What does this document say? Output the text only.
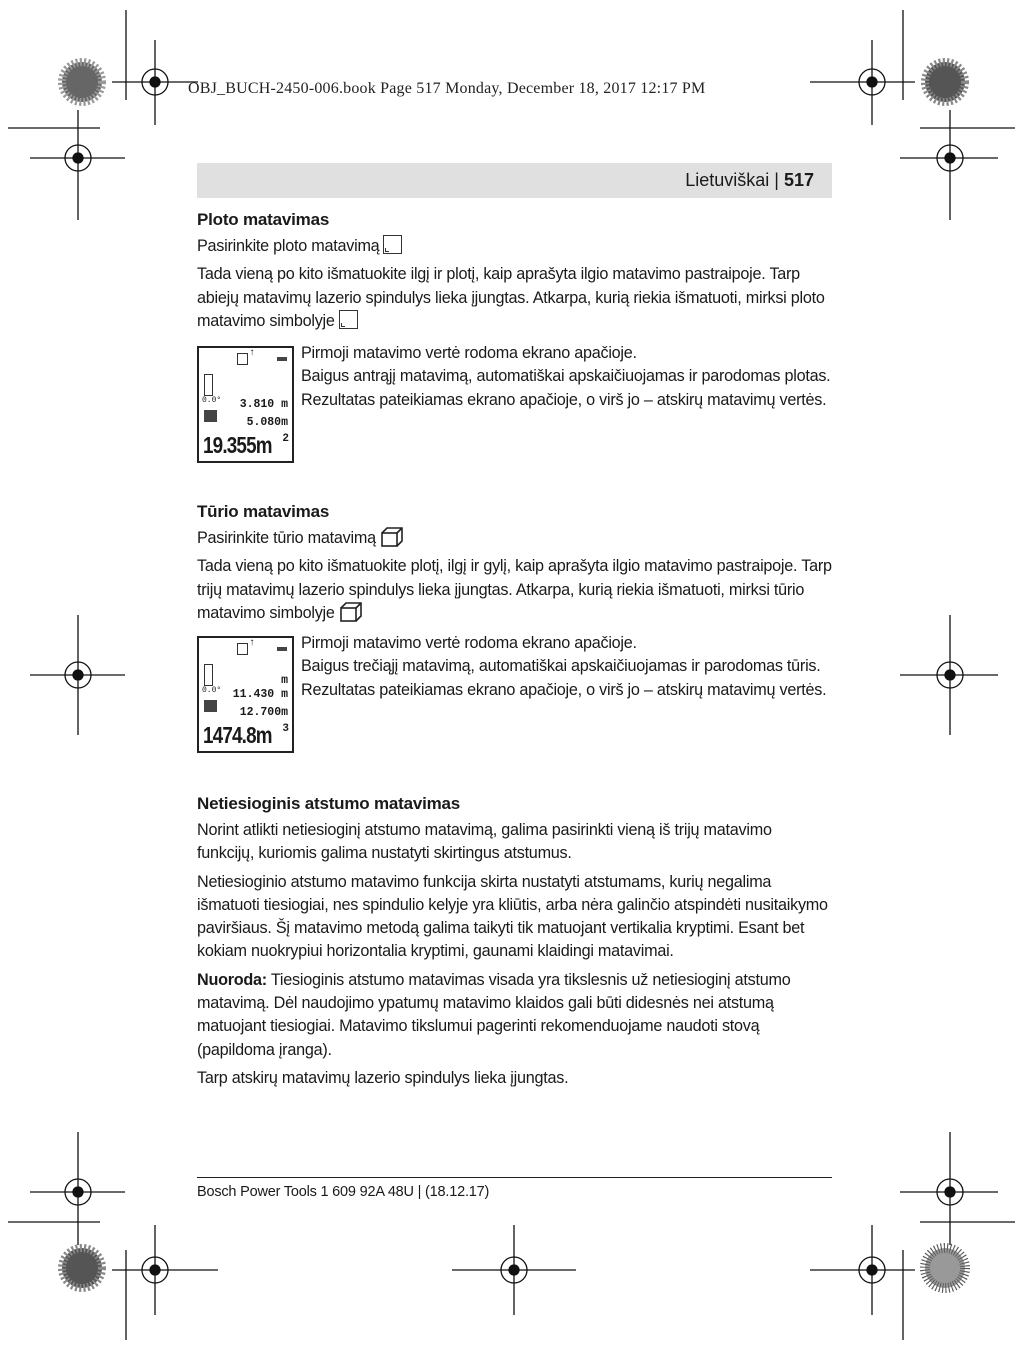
OBJ_BUCH-2450-006.book Page 517 Monday, December 18, 2017 12:17 PM
Lietuviškai | 517
Ploto matavimas

Pasirinkite ploto matavimą

Tada vieną po kito išmatuokite ilgį ir plotį, kaip aprašyta ilgio matavimo pastraipoje. Tarp abiejų matavimų lazerio spindulys lieka įjungtas. Atkarpa, kurią riekia išmatuoti, mirksi ploto matavimo simbolyje

↑
0.0° 3.810 m
5.080m
19.355m 2

Pirmoji matavimo vertė rodoma ekrano apačioje.

Baigus antrąjį matavimą, automatiškai apskaičiuojamas ir parodomas plotas. Rezultatas pateikiamas ekrano apačioje, o virš jo – atskirų matavimų vertės.

Tūrio matavimas

Pasirinkite tūrio matavimą

Tada vieną po kito išmatuokite plotį, ilgį ir gylį, kaip aprašyta ilgio matavimo pastraipoje. Tarp trijų matavimų lazerio spindulys lieka įjungtas. Atkarpa, kurią riekia išmatuoti, mirksi tūrio matavimo simbolyje

↑
m
0.0° 11.430 m
12.700m
1474.8m 3

Pirmoji matavimo vertė rodoma ekrano apačioje.

Baigus trečiąjį matavimą, automatiškai apskaičiuojamas ir parodomas tūris. Rezultatas pateikiamas ekrano apačioje, o virš jo – atskirų matavimų vertės.

Netiesioginis atstumo matavimas

Norint atlikti netiesioginį atstumo matavimą, galima pasirinkti vieną iš trijų matavimo funkcijų, kuriomis galima nustatyti skirtingus atstumus.

Netiesioginio atstumo matavimo funkcija skirta nustatyti atstumams, kurių negalima išmatuoti tiesiogiai, nes spindulio kelyje yra kliūtis, arba nėra galinčio atspindėti nusitaikymo paviršiaus. Šį matavimo metodą galima taikyti tik matuojant vertikalia kryptimi. Esant bet kokiam nuokrypiui horizontalia kryptimi, gaunami klaidingi matavimai.

Nuoroda: Tiesioginis atstumo matavimas visada yra tikslesnis už netiesioginį atstumo matavimą. Dėl naudojimo ypatumų matavimo klaidos gali būti didesnės nei atstumą matuojant tiesiogiai. Matavimo tikslumui pagerinti rekomenduojame naudoti stovą (papildoma įranga).

Tarp atskirų matavimų lazerio spindulys lieka įjungtas.

Bosch Power Tools 1 609 92A 48U | (18.12.17)
